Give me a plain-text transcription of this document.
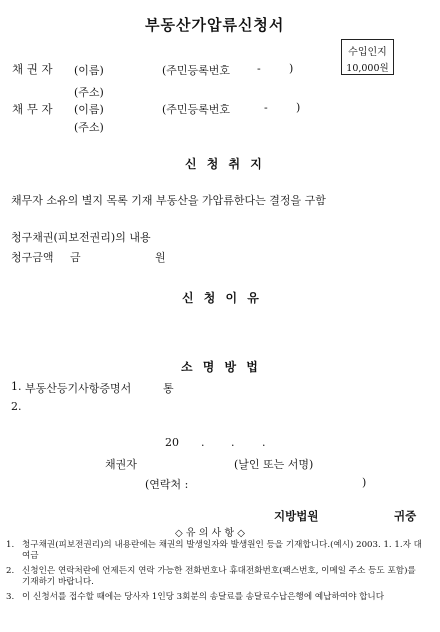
부동산가압류신청서
수입인지
10,000원
채 권 자 (이름)	(주민등록번호 -	)
(주소)
채 무 자 (이름)	(주민등록번호	-	)
(주소)
신 청 취 지
채무자 소유의 별지 목록 기재 부동산을 가압류한다는 결정을 구함
청구채권(피보전권리)의 내용
청구금액 금	원
신 청 이 유
소 명 방 법
1. 부동산등기사항증명서	통
2.
20 . .	.
채권자	(날인 또는 서명)
(연락처 :	)
지방법원	귀중
◇ 유 의 사 항 ◇
1. 청구채권(피보전권리)의 내용란에는 채권의 발생일자와 발생원인 등을 기재합니다.(예시) 2003. 1. 1.자 대여금
2. 신청인은 연락처란에 언제든지 연락 가능한 전화번호나 휴대전화번호(팩스번호, 이메일 주소 등도 포함)를 기재하기 바랍니다.
3. 이 신청서를 접수할 때에는 당사자 1인당 3회분의 송달료를 송달료수납은행에 예납하여야 합니다
